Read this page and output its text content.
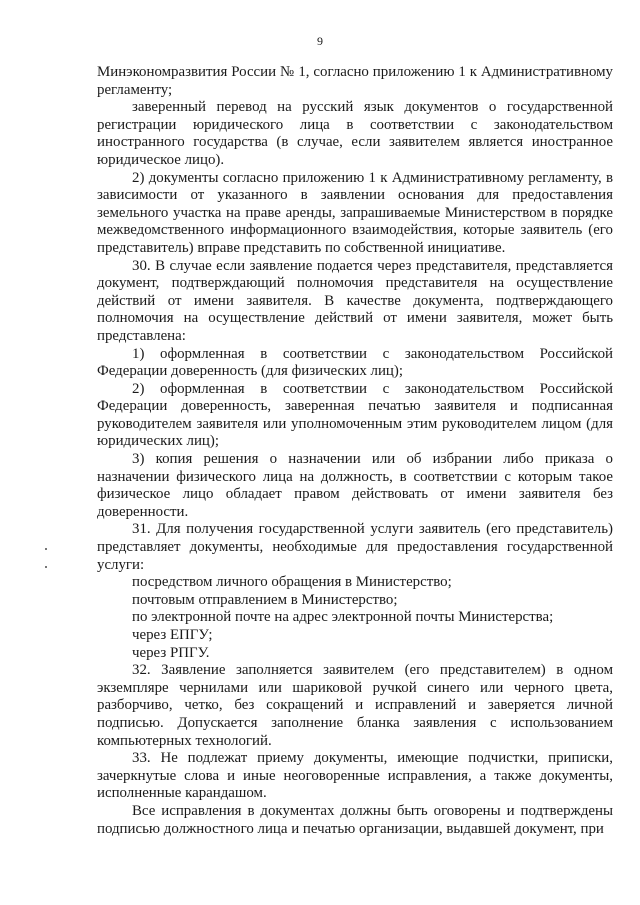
9

Минэкономразвития России № 1, согласно приложению 1 к Административному регламенту;

заверенный перевод на русский язык документов о государственной регистрации юридического лица в соответствии с законодательством иностранного государства (в случае, если заявителем является иностранное юридическое лицо).

2) документы согласно приложению 1 к Административному регламенту, в зависимости от указанного в заявлении основания для предоставления земельного участка на праве аренды, запрашиваемые Министерством в порядке межведомственного информационного взаимодействия, которые заявитель (его представитель) вправе представить по собственной инициативе.

30. В случае если заявление подается через представителя, представляется документ, подтверждающий полномочия представителя на осуществление действий от имени заявителя. В качестве документа, подтверждающего полномочия на осуществление действий от имени заявителя, может быть представлена:

1) оформленная в соответствии с законодательством Российской Федерации доверенность (для физических лиц);

2) оформленная в соответствии с законодательством Российской Федерации доверенность, заверенная печатью заявителя и подписанная руководителем заявителя или уполномоченным этим руководителем лицом (для юридических лиц);

3) копия решения о назначении или об избрании либо приказа о назначении физического лица на должность, в соответствии с которым такое физическое лицо обладает правом действовать от имени заявителя без доверенности.

31. Для получения государственной услуги заявитель (его представитель) представляет документы, необходимые для предоставления государственной услуги:

посредством личного обращения в Министерство;

почтовым отправлением в Министерство;

по электронной почте на адрес электронной почты Министерства;

через ЕПГУ;

через РПГУ.

32. Заявление заполняется заявителем (его представителем) в одном экземпляре чернилами или шариковой ручкой синего или черного цвета, разборчиво, четко, без сокращений и исправлений и заверяется личной подписью. Допускается заполнение бланка заявления с использованием компьютерных технологий.

33. Не подлежат приему документы, имеющие подчистки, приписки, зачеркнутые слова и иные неоговоренные исправления, а также документы, исполненные карандашом.

Все исправления в документах должны быть оговорены и подтверждены подписью должностного лица и печатью организации, выдавшей документ, при
